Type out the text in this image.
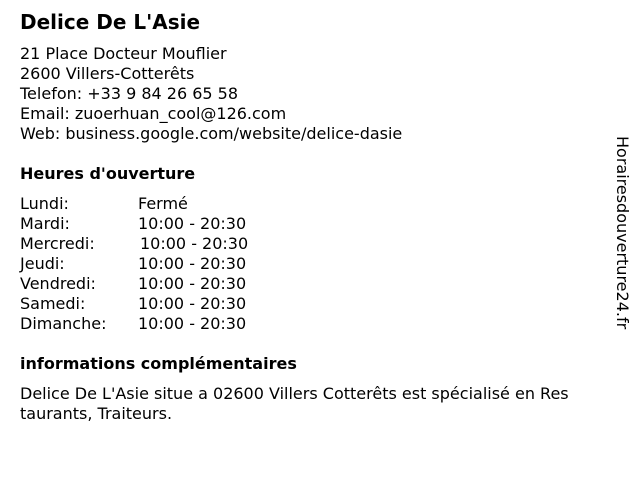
Delice De L'Asie
21 Place Docteur Mouflier
2600 Villers-Cotterêts
Telefon: +33 9 84 26 65 58
Email: zuoerhuan_cool@126.com
Web: business.google.com/website/delice-dasie
Heures d'ouverture
Lundi:	Fermé
Mardi:	10:00 - 20:30
Mercredi:	10:00 - 20:30
Jeudi:	10:00 - 20:30
Vendredi:	10:00 - 20:30
Samedi:	10:00 - 20:30
Dimanche: 10:00 - 20:30
informations complémentaires
Delice De L'Asie situe a 02600 Villers Cotterêts est spécialisé en Restaurants, Traiteurs.
Horairesdouverture24.fr
